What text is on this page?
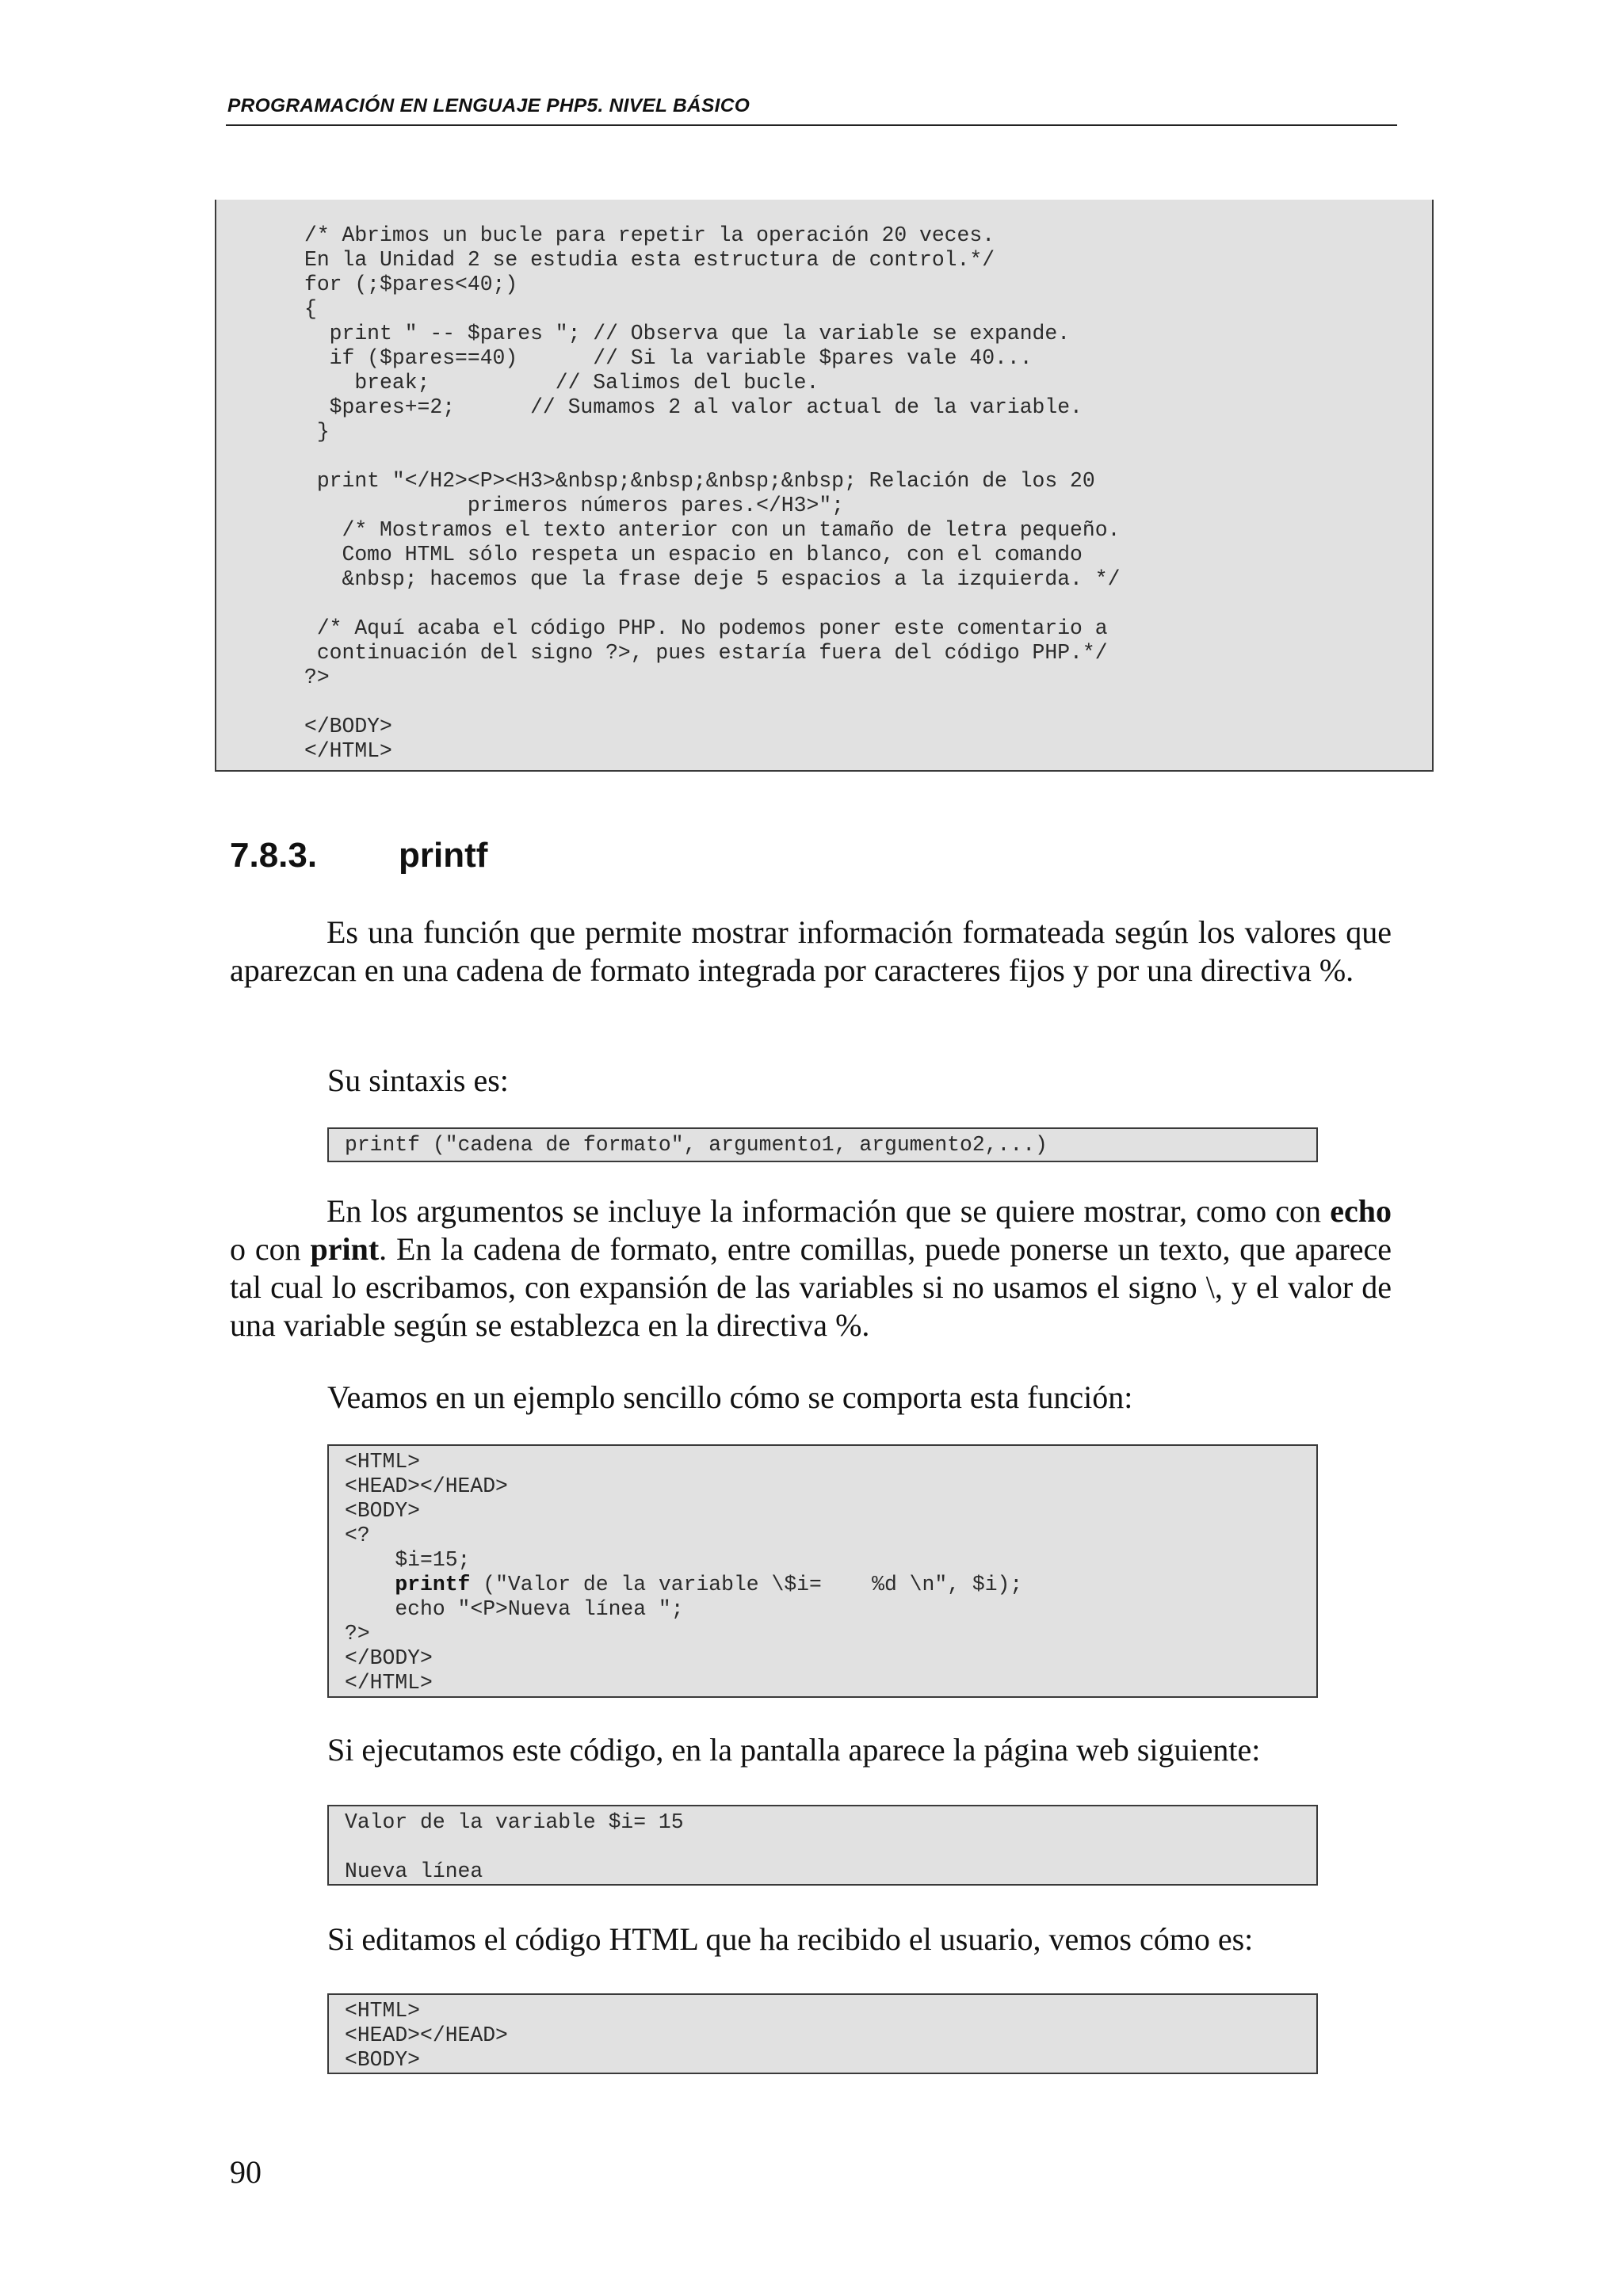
PROGRAMACIÓN EN LENGUAJE PHP5. NIVEL BÁSICO
/* Abrimos un bucle para repetir la operación 20 veces.
En la Unidad 2 se estudia esta estructura de control.*/
for (;$pares<40;)
{
print " -- $pares "; // Observa que la variable se expande.
if ($pares==40)      // Si la variable $pares vale 40...
break;          // Salimos del bucle.
$pares+=2;      // Sumamos 2 al valor actual de la variable.
}

print "</H2><P><H3>&nbsp;&nbsp;&nbsp;&nbsp; Relación de los 20
primeros números pares.</H3>";
/* Mostramos el texto anterior con un tamaño de letra pequeño.
Como HTML sólo respeta un espacio en blanco, con el comando
&nbsp; hacemos que la frase deje 5 espacios a la izquierda. */

/* Aquí acaba el código PHP. No podemos poner este comentario a
continuación del signo ?>, pues estaría fuera del código PHP.*/
?>

</BODY>
</HTML>
7.8.3. printf
Es una función que permite mostrar información formateada según los valores que aparezcan en una cadena de formato integrada por caracteres fijos y por una directiva %.
Su sintaxis es:
printf ("cadena de formato", argumento1, argumento2,...)
En los argumentos se incluye la información que se quiere mostrar, como con echo o con print. En la cadena de formato, entre comillas, puede ponerse un texto, que aparece tal cual lo escribamos, con expansión de las variables si no usamos el signo \, y el valor de una variable según se establezca en la directiva %.
Veamos en un ejemplo sencillo cómo se comporta esta función:
<HTML>
<HEAD></HEAD>
<BODY>
<?
$i=15;
printf ("Valor de la variable \$i=    %d \n", $i);
echo "<P>Nueva línea ";
?>
</BODY>
</HTML>
Si ejecutamos este código, en la pantalla aparece la página web siguiente:
Valor de la variable $i= 15

Nueva línea
Si editamos el código HTML que ha recibido el usuario, vemos cómo es:
<HTML>
<HEAD></HEAD>
<BODY>
90
